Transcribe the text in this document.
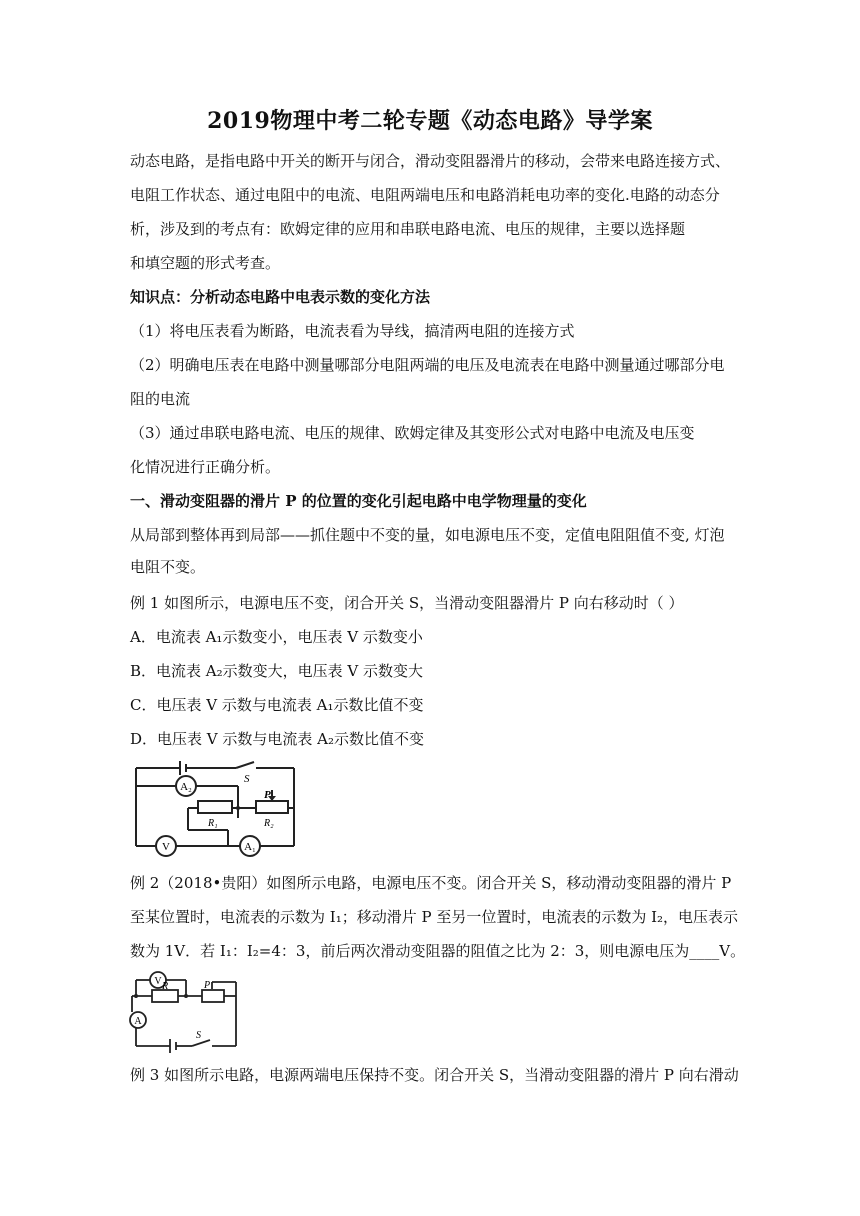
2019物理中考二轮专题《动态电路》导学案
动态电路，是指电路中开关的断开与闭合，滑动变阻器滑片的移动，会带来电路连接方式、
电阻工作状态、通过电阻中的电流、电阻两端电压和电路消耗电功率的变化.电路的动态分
析，涉及到的考点有：欧姆定律的应用和串联电路电流、电压的规律，主要以选择题
和填空题的形式考查。
知识点：分析动态电路中电表示数的变化方法
（1）将电压表看为断路，电流表看为导线，搞清两电阻的连接方式
（2）明确电压表在电路中测量哪部分电阻两端的电压及电流表在电路中测量通过哪部分电
阻的电流
（3）通过串联电路电流、电压的规律、欧姆定律及其变形公式对电路中电流及电压变
化情况进行正确分析。
一、滑动变阻器的滑片 P 的位置的变化引起电路中电学物理量的变化
从局部到整体再到局部——抓住题中不变的量，如电源电压不变，定值电阻阻值不变, 灯泡
电阻不变。
例 1 如图所示，电源电压不变，闭合开关 S，当滑动变阻器滑片 P 向右移动时（ ）
A．电流表 A₁示数变小，电压表 V 示数变小
B．电流表 A₂示数变大，电压表 V 示数变大
C．电压表 V 示数与电流表 A₁示数比值不变
D．电压表 V 示数与电流表 A₂示数比值不变
A₂
S
P
R₁	R₂
V	A₁
例 2（2018•贵阳）如图所示电路，电源电压不变。闭合开关 S，移动滑动变阻器的滑片 P
至某位置时，电流表的示数为 I₁；移动滑片 P 至另一位置时，电流表的示数为 I₂，电压表示
数为 1V．若 I₁：I₂=4：3，前后两次滑动变阻器的阻值之比为 2：3，则电源电压为____V。
V R	P
A
S
例 3 如图所示电路，电源两端电压保持不变。闭合开关 S，当滑动变阻器的滑片 P 向右滑动
